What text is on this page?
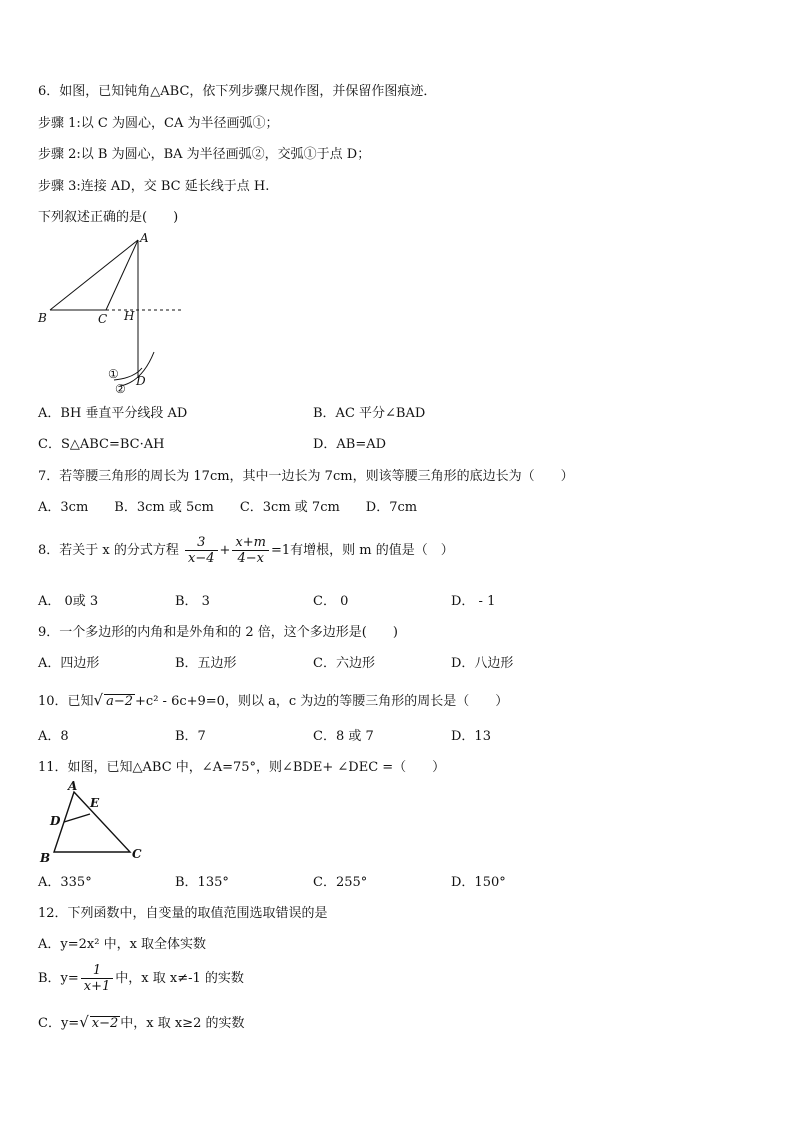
6．如图，已知钝角△ABC，依下列步骤尺规作图，并保留作图痕迹．
步骤 1:以 C 为圆心，CA 为半径画弧①；
步骤 2:以 B 为圆心，BA 为半径画弧②，交弧①于点 D；
步骤 3:连接 AD，交 BC 延长线于点 H.
下列叙述正确的是(　　)
A
B	C H
D
①
②
A．BH 垂直平分线段 AD	B．AC 平分∠BAD
C．S△ABC=BC·AH	D．AB=AD
7．若等腰三角形的周长为 17cm，其中一边长为 7cm，则该等腰三角形的底边长为（　　）
A．3cm　　B．3cm 或 5cm　　C．3cm 或 7cm　　D．7cm
8．若关于 x 的分式方程 $\frac{3}{x-4} + \frac{x+m}{4-x} =1$有增根，则 m 的值是（　）
A． 0或 3	B． 3	C． 0	D． - 1
9．一个多边形的内角和是外角和的 2 倍，这个多边形是(　　)
A．四边形	B．五边形	C．六边形	D．八边形
10．已知√ a−2 +c² - 6c+9=0，则以 a，c 为边的等腰三角形的周长是（　　）
A．8	B．7	C．8 或 7	D．13
11．如图，已知△ABC 中，∠A=75°，则∠BDE+ ∠DEC =（　　）
A
E
D
B	C
A．335°	B．135°	C．255°	D．150°
12．下列函数中，自变量的取值范围选取错误的是
A．y=2x² 中，x 取全体实数
B．$y= \frac{1}{x+1}$ 中，x 取 x≠-1 的实数
C．y=√ x−2 中，x 取 x≥2 的实数
